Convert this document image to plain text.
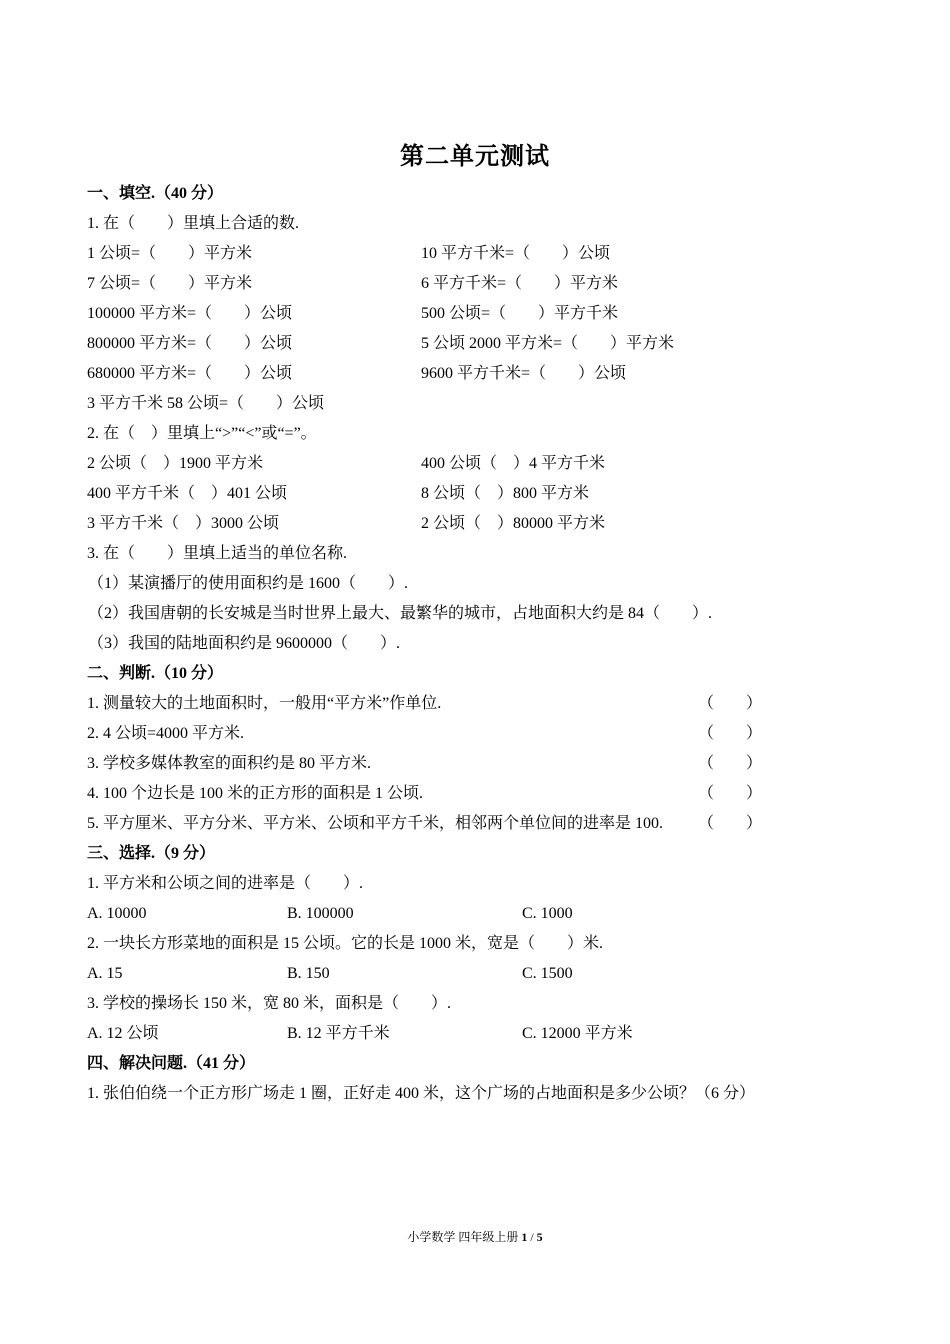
第二单元测试
一、填空.（40 分）
1. 在（　　）里填上合适的数.
1 公顷=（　　）平方米	10 平方千米=（　　）公顷
7 公顷=（　　）平方米	6 平方千米=（　　）平方米
100000 平方米=（　　）公顷	500 公顷=（　　）平方千米
800000 平方米=（　　）公顷	5 公顷 2000 平方米=（　　）平方米
680000 平方米=（　　）公顷	9600 平方千米=（　　）公顷
3 平方千米 58 公顷=（　　）公顷
2. 在（　）里填上“>”“<”或“=”。
2 公顷（　）1900 平方米	400 公顷（　）4 平方千米
400 平方千米（　）401 公顷	8 公顷（　）800 平方米
3 平方千米（　）3000 公顷	2 公顷（　）80000 平方米
3. 在（　　）里填上适当的单位名称.
（1）某演播厅的使用面积约是 1600（　　）.
（2）我国唐朝的长安城是当时世界上最大、最繁华的城市，占地面积大约是 84（　　）.
（3）我国的陆地面积约是 9600000（　　）.
二、判断.（10 分）
1. 测量较大的土地面积时，一般用“平方米”作单位.	（　　）
2. 4 公顷=4000 平方米.	（　　）
3. 学校多媒体教室的面积约是 80 平方米.	（　　）
4. 100 个边长是 100 米的正方形的面积是 1 公顷.	（　　）
5. 平方厘米、平方分米、平方米、公顷和平方千米，相邻两个单位间的进率是 100. （　　）
三、选择.（9 分）
1. 平方米和公顷之间的进率是（　　）.
A. 10000	B. 100000	C. 1000
2. 一块长方形菜地的面积是 15 公顷。它的长是 1000 米，宽是（　　）米.
A. 15	B. 150	C. 1500
3. 学校的操场长 150 米，宽 80 米，面积是（　　）.
A. 12 公顷	B. 12 平方千米	C. 12000 平方米
四、解决问题.（41 分）
1. 张伯伯绕一个正方形广场走 1 圈，正好走 400 米，这个广场的占地面积是多少公顷？（6 分）
小学数学 四年级上册 1 / 5
